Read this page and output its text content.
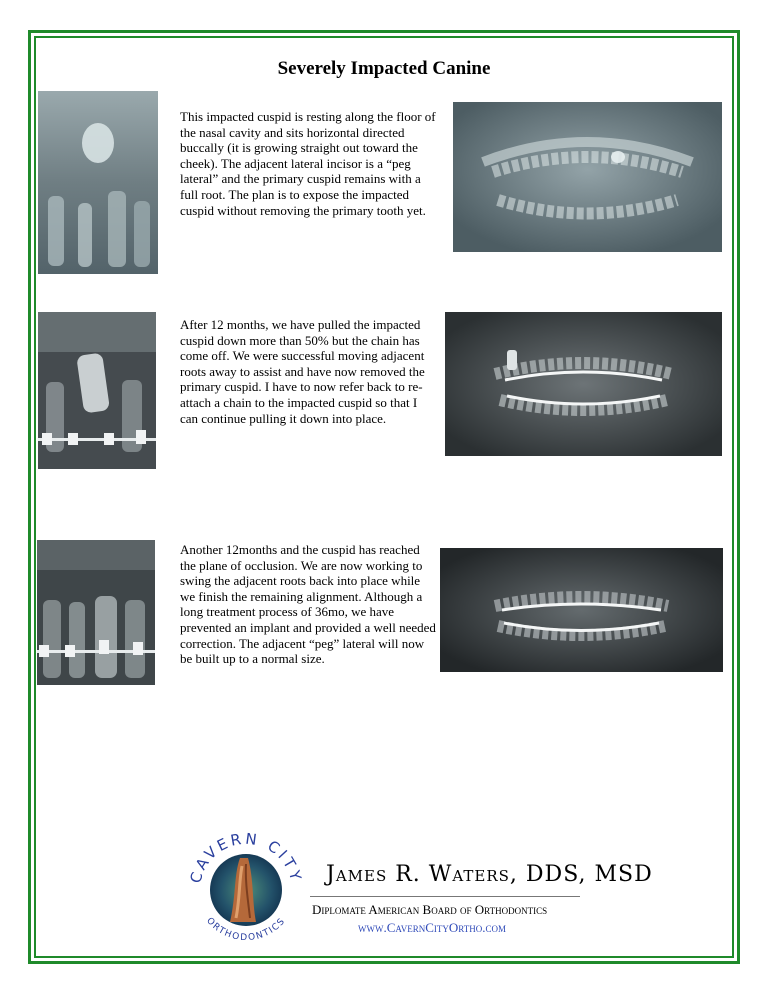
Severely Impacted Canine

This impacted cuspid is resting along the floor of the nasal cavity and sits horizontal directed buccally (it is growing straight out toward the cheek). The adjacent lateral incisor is a “peg lateral” and the primary cuspid remains with a full root. The plan is to expose the impacted cuspid without removing the primary tooth yet.

After 12 months, we have pulled the impacted cuspid down more than 50% but the chain has come off. We were successful moving adjacent roots away to assist and have now removed the primary cuspid. I have to now refer back to re-attach a chain to the impacted cuspid so that I can continue pulling it down into place.

Another 12months and the cuspid has reached the plane of occlusion. We are now working to swing the adjacent roots back into place while we finish the remaining alignment. Although a long treatment process of 36mo, we have prevented an implant and provided a well needed correction. The adjacent “peg” lateral will now be built up to a normal size.

CAVERN CITY
ORTHODONTICS

James R. Waters, DDS, MSD

Diplomate American Board of Orthodontics

www.CavernCityOrtho.com
